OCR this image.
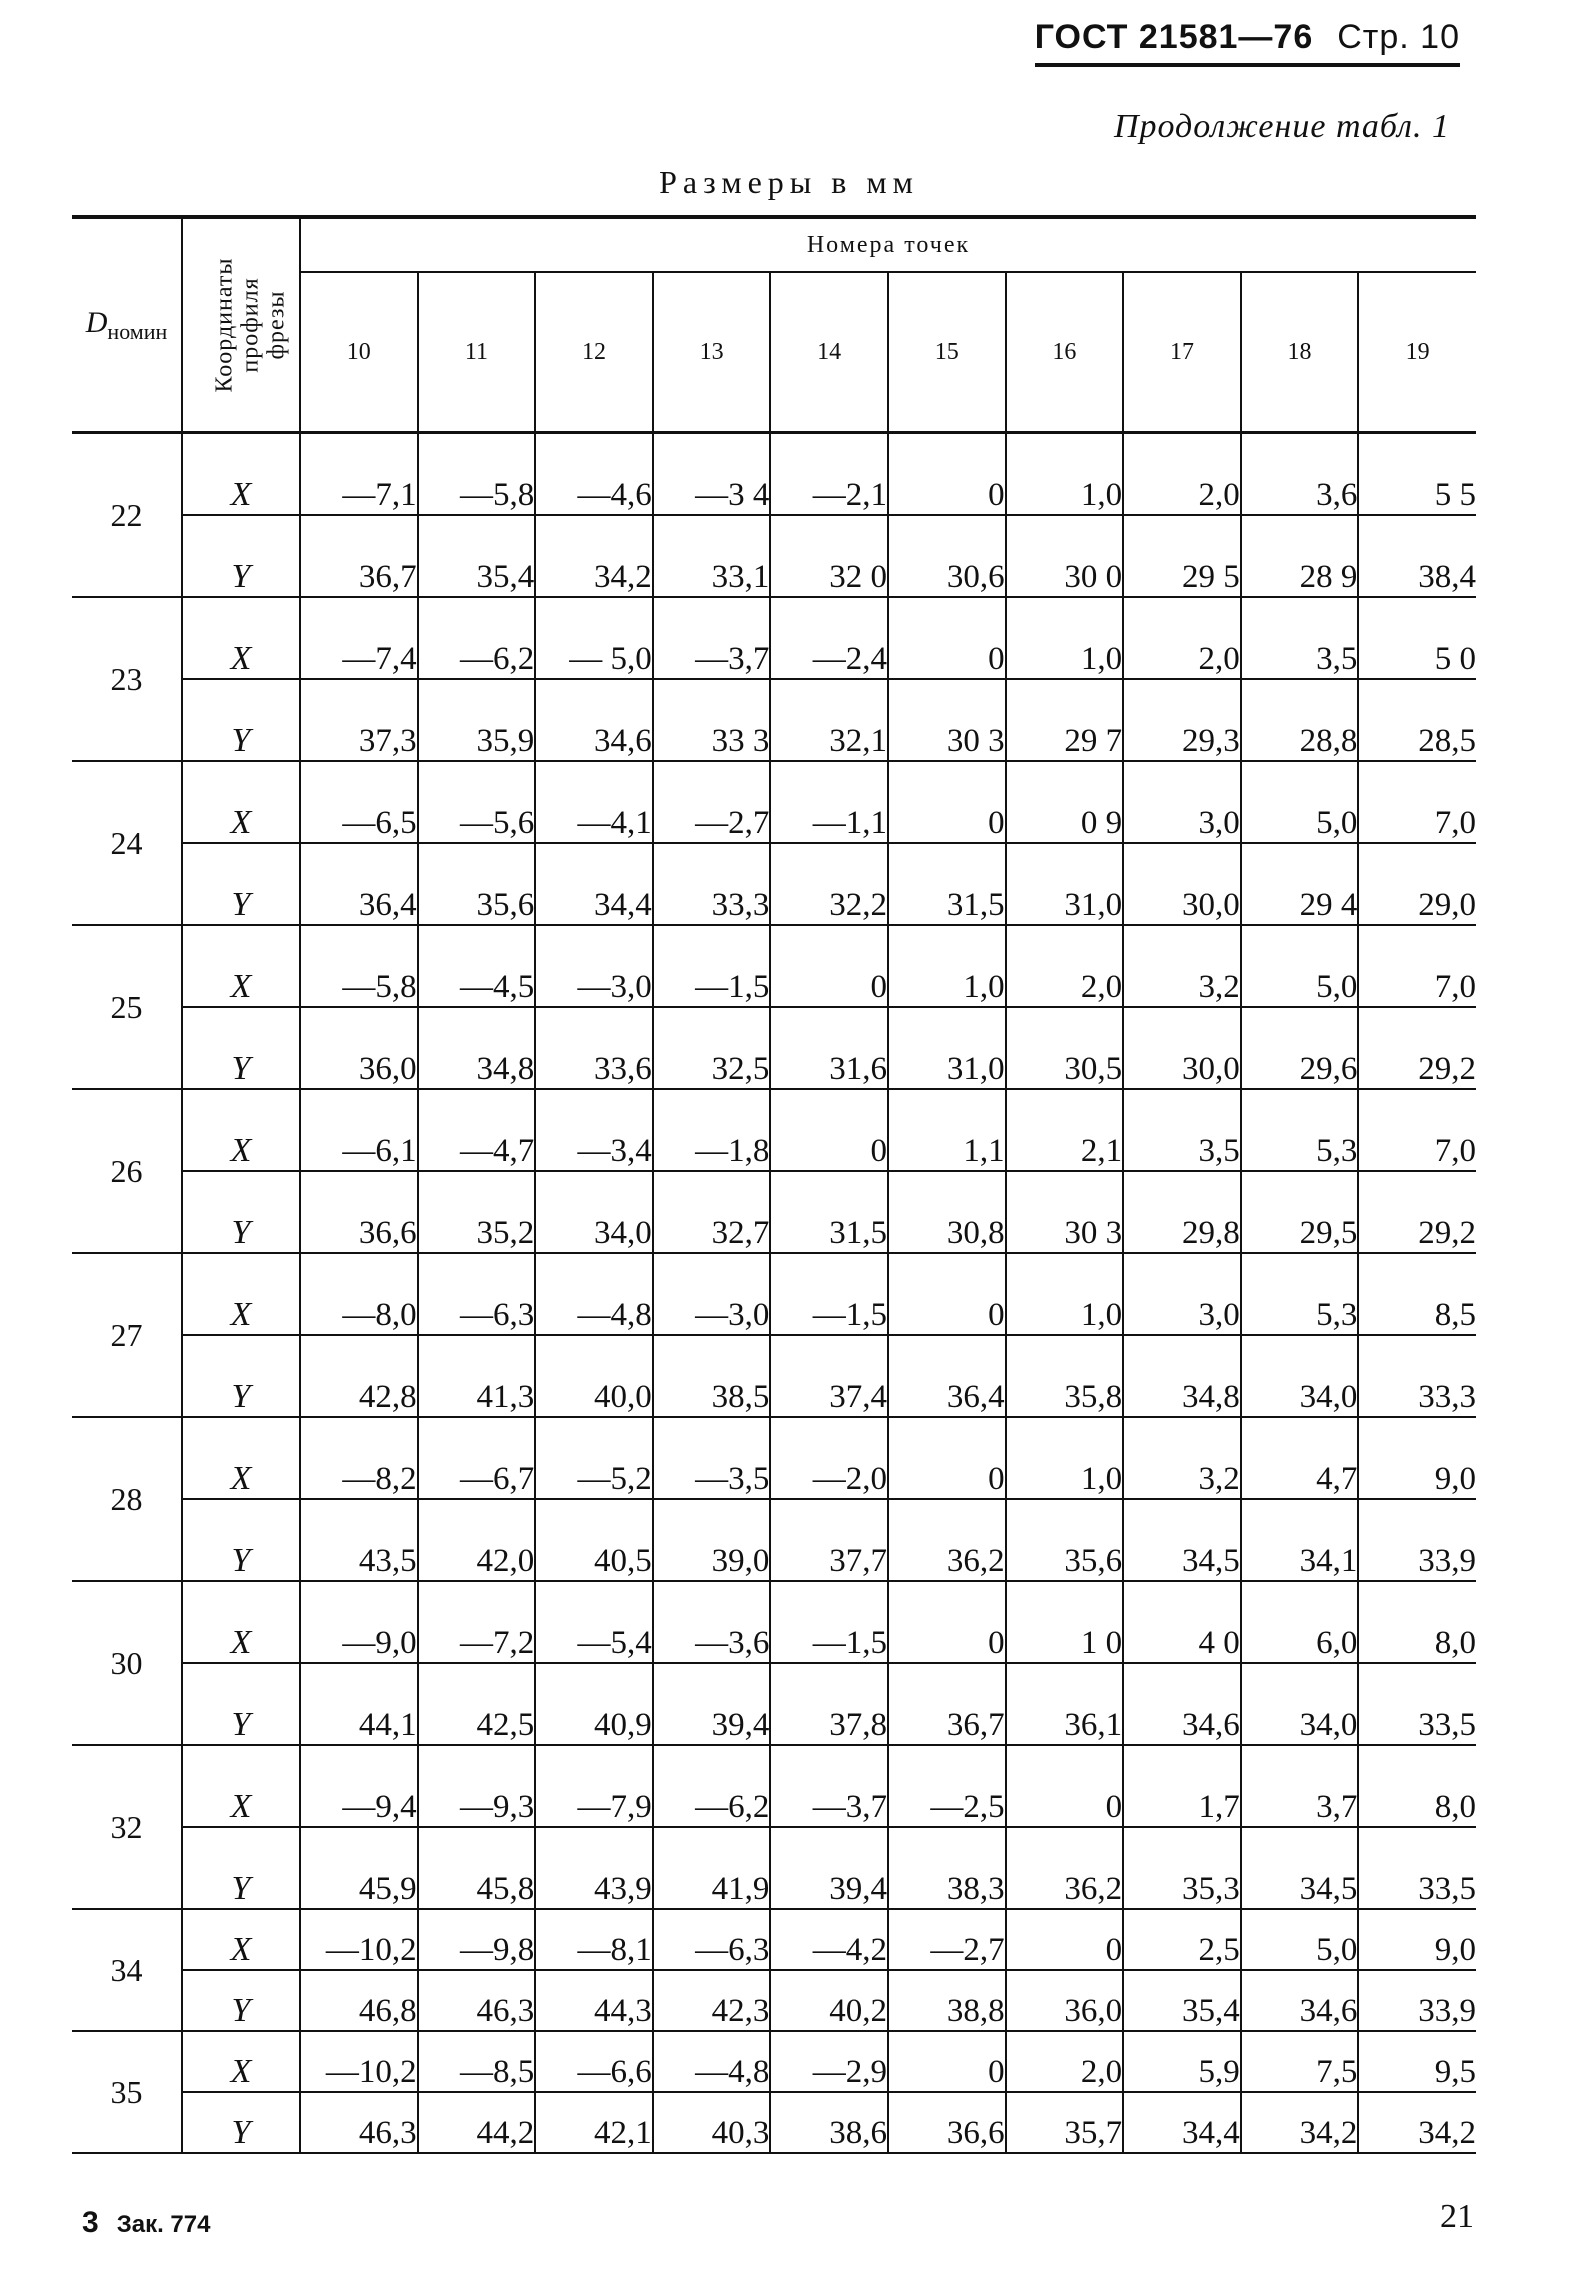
ГОСТ 21581—76 Стр. 10
Продолжение табл. 1
Размеры в мм
$D_{номин}$	Координаты профиля фрезы	Номера точек									
		10	11	12	13	14	15	16	17	18	19
22	X	—7,1	—5,8	—4,6	—3 4	—2,1	0	1,0	2,0	3,6	5 5
	Y	36,7	35,4	34,2	33,1	32 0	30,6	30 0	29 5	28 9	38,4
23	X	—7,4	—6,2	— 5,0	—3,7	—2,4	0	1,0	2,0	3,5	5 0
	Y	37,3	35,9	34,6	33 3	32,1	30 3	29 7	29,3	28,8	28,5
24	X	—6,5	—5,6	—4,1	—2,7	—1,1	0	0 9	3,0	5,0	7,0
	Y	36,4	35,6	34,4	33,3	32,2	31,5	31,0	30,0	29 4	29,0
25	X	—5,8	—4,5	—3,0	—1,5	0	1,0	2,0	3,2	5,0	7,0
	Y	36,0	34,8	33,6	32,5	31,6	31,0	30,5	30,0	29,6	29,2
26	X	—6,1	—4,7	—3,4	—1,8	0	1,1	2,1	3,5	5,3	7,0
	Y	36,6	35,2	34,0	32,7	31,5	30,8	30 3	29,8	29,5	29,2
27	X	—8,0	—6,3	—4,8	—3,0	—1,5	0	1,0	3,0	5,3	8,5
	Y	42,8	41,3	40,0	38,5	37,4	36,4	35,8	34,8	34,0	33,3
28	X	—8,2	—6,7	—5,2	—3,5	—2,0	0	1,0	3,2	4,7	9,0
	Y	43,5	42,0	40,5	39,0	37,7	36,2	35,6	34,5	34,1	33,9
30	X	—9,0	—7,2	—5,4	—3,6	—1,5	0	1 0	4 0	6,0	8,0
	Y	44,1	42,5	40,9	39,4	37,8	36,7	36,1	34,6	34,0	33,5
32	X	—9,4	—9,3	—7,9	—6,2	—3,7	—2,5	0	1,7	3,7	8,0
	Y	45,9	45,8	43,9	41,9	39,4	38,3	36,2	35,3	34,5	33,5
34	X	—10,2	—9,8	—8,1	—6,3	—4,2	—2,7	0	2,5	5,0	9,0
	Y	46,8	46,3	44,3	42,3	40,2	38,8	36,0	35,4	34,6	33,9
35	X	—10,2	—8,5	—6,6	—4,8	—2,9	0	2,0	5,9	7,5	9,5
	Y	46,3	44,2	42,1	40,3	38,6	36,6	35,7	34,4	34,2	34,2
3 Зак. 774	21
